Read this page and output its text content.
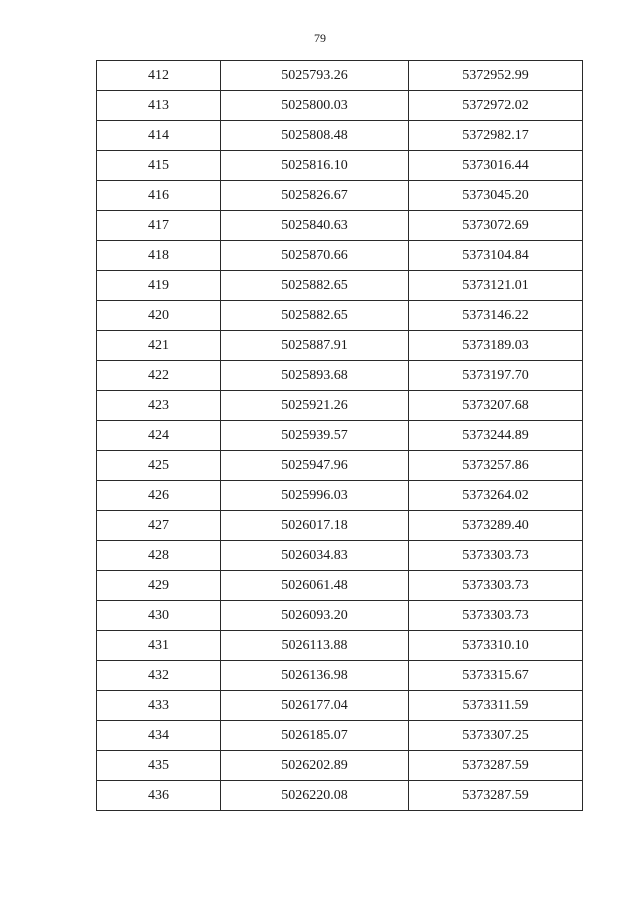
79
412	5025793.26	5372952.99
413	5025800.03	5372972.02
414	5025808.48	5372982.17
415	5025816.10	5373016.44
416	5025826.67	5373045.20
417	5025840.63	5373072.69
418	5025870.66	5373104.84
419	5025882.65	5373121.01
420	5025882.65	5373146.22
421	5025887.91	5373189.03
422	5025893.68	5373197.70
423	5025921.26	5373207.68
424	5025939.57	5373244.89
425	5025947.96	5373257.86
426	5025996.03	5373264.02
427	5026017.18	5373289.40
428	5026034.83	5373303.73
429	5026061.48	5373303.73
430	5026093.20	5373303.73
431	5026113.88	5373310.10
432	5026136.98	5373315.67
433	5026177.04	5373311.59
434	5026185.07	5373307.25
435	5026202.89	5373287.59
436	5026220.08	5373287.59
